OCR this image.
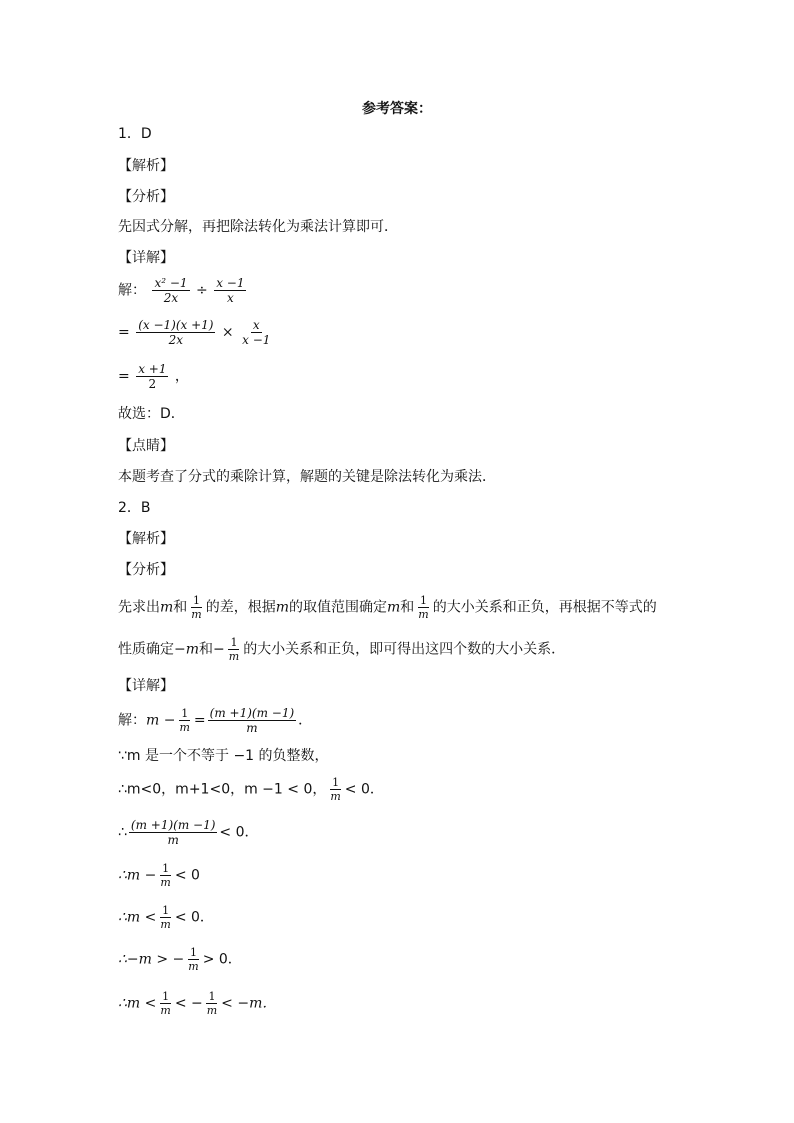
参考答案：
1．D
【解析】
【分析】
先因式分解，再把除法转化为乘法计算即可．
【详解】
解： $\frac{\text{x² −1}}{2x} \div \frac{x -1}{x}$
= $\frac{(x -1)(x +1)}{2x} \times \frac{x}{x -1}$
= $\frac{x +1}{2}$ ，
故选：D．
【点睛】
本题考查了分式的乘除计算，解题的关键是除法转化为乘法．
2．B
【解析】
【分析】
先求出m和 $\frac{1}{m}$ 的差，根据m的取值范围确定m和 $\frac{1}{m}$ 的大小关系和正负，再根据不等式的
性质确定−m和− $\frac{1}{m}$ 的大小关系和正负，即可得出这四个数的大小关系．
【详解】
解：$m - \frac{1}{m} = \frac{(m +1)(m -1)}{m}$ ．
∵m 是一个不等于 −1 的负整数，
∴m<0，m+1<0，m −1 < 0， $\frac{1}{m} < 0$．
∴ $\frac{(m +1)(m -1)}{m} < 0$．
∴m − $\frac{1}{m} < 0$
∴m < $\frac{1}{m} < 0$．
∴−m > − $\frac{1}{m} > 0$．
∴m < $\frac{1}{m}$ < − $\frac{1}{m} < -m$．
